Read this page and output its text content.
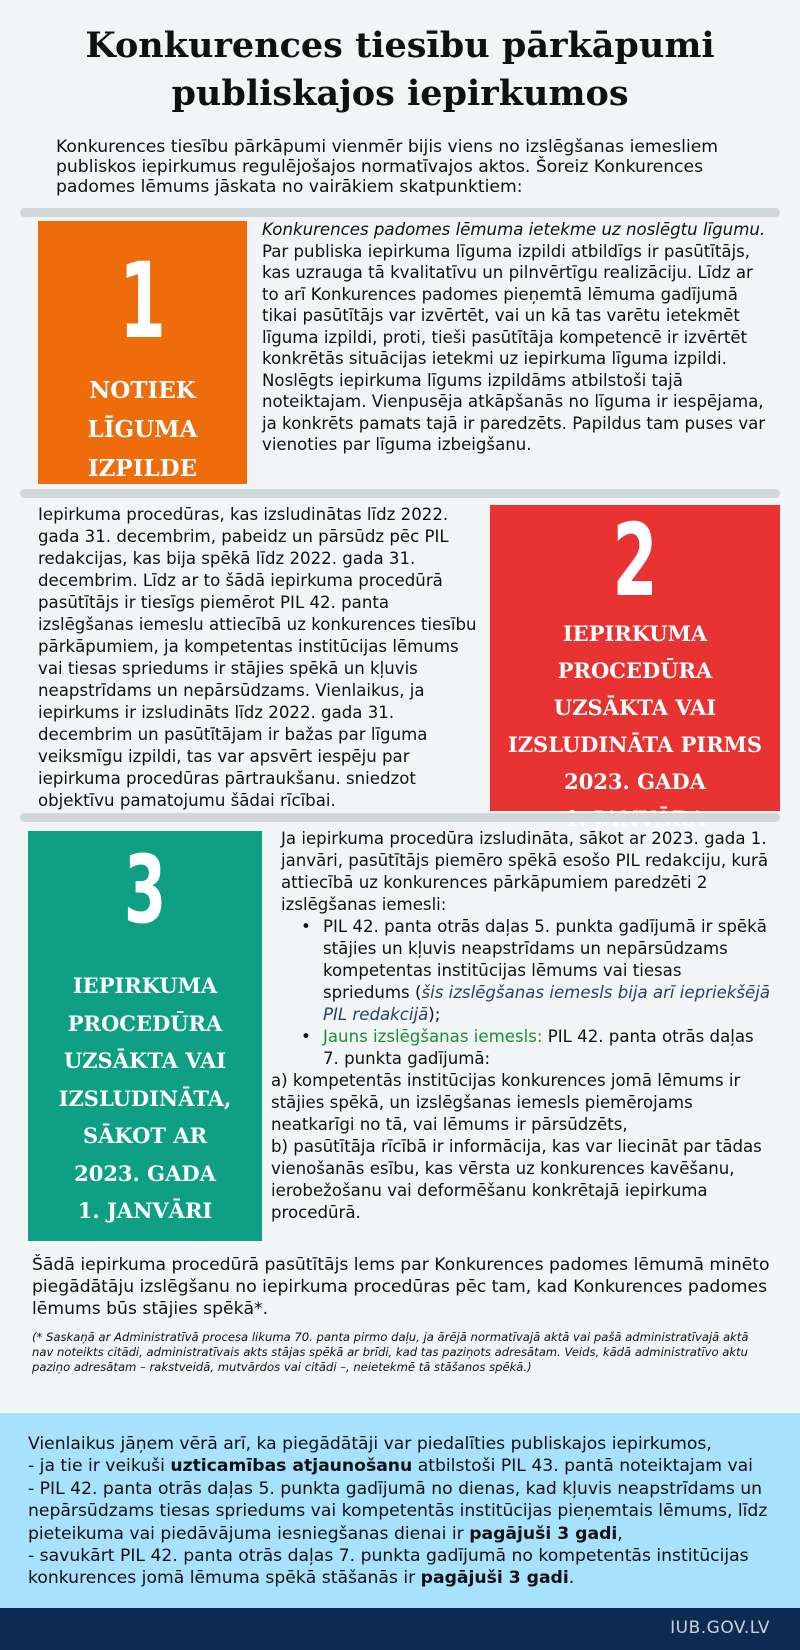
Konkurences tiesību pārkāpumi
publiskajos iepirkumos
Konkurences tiesību pārkāpumi vienmēr bijis viens no izslēgšanas iemesliem publiskos iepirkumus regulējošajos normatīvajos aktos. Šoreiz Konkurences padomes lēmums jāskata no vairākiem skatpunktiem:
1
NOTIEK
LĪGUMA
IZPILDE
Konkurences padomes lēmuma ietekme uz noslēgtu līgumu. Par publiska iepirkuma līguma izpildi atbildīgs ir pasūtītājs, kas uzrauga tā kvalitatīvu un pilnvērtīgu realizāciju. Līdz ar to arī Konkurences padomes pieņemtā lēmuma gadījumā tikai pasūtītājs var izvērtēt, vai un kā tas varētu ietekmēt līguma izpildi, proti, tieši pasūtītāja kompetencē ir izvērtēt konkrētās situācijas ietekmi uz iepirkuma līguma izpildi. Noslēgts iepirkuma līgums izpildāms atbilstoši tajā noteiktajam. Vienpusēja atkāpšanās no līguma ir iespējama, ja konkrēts pamats tajā ir paredzēts. Papildus tam puses var vienoties par līguma izbeigšanu.
Iepirkuma procedūras, kas izsludinātas līdz 2022. gada 31. decembrim, pabeidz un pārsūdz pēc PIL redakcijas, kas bija spēkā līdz 2022. gada 31. decembrim. Līdz ar to šādā iepirkuma procedūrā pasūtītājs ir tiesīgs piemērot PIL 42. panta izslēgšanas iemeslu attiecībā uz konkurences tiesību pārkāpumiem, ja kompetentas institūcijas lēmums vai tiesas spriedums ir stājies spēkā un kļuvis neapstrīdams un nepārsūdzams. Vienlaikus, ja iepirkums ir izsludināts līdz 2022. gada 31. decembrim un pasūtītājam ir bažas par līguma veiksmīgu izpildi, tas var apsvērt iespēju par iepirkuma procedūras pārtraukšanu. sniedzot objektīvu pamatojumu šādai rīcībai.
2
IEPIRKUMA
PROCEDŪRA
UZSĀKTA VAI
IZSLUDINĀTA PIRMS
2023. GADA
3
IEPIRKUMA
PROCEDŪRA
UZSĀKTA VAI
IZSLUDINĀTA,
SĀKOT AR
2023. GADA
1. JANVĀRI
Ja iepirkuma procedūra izsludināta, sākot ar 2023. gada 1. janvāri, pasūtītājs piemēro spēkā esošo PIL redakciju, kurā attiecībā uz konkurences pārkāpumiem paredzēti 2 izslēgšanas iemesli:
• PIL 42. panta otrās daļas 5. punkta gadījumā ir spēkā stājies un kļuvis neapstrīdams un nepārsūdzams kompetentas institūcijas lēmums vai tiesas spriedums (šis izslēgšanas iemesls bija arī iepriekšējā PIL redakcijā);
• Jauns izslēgšanas iemesls: PIL 42. panta otrās daļas 7. punkta gadījumā:
a) kompetentās institūcijas konkurences jomā lēmums ir stājies spēkā, un izslēgšanas iemesls piemērojams neatkarīgi no tā, vai lēmums ir pārsūdzēts,
b) pasūtītāja rīcībā ir informācija, kas var liecināt par tādas vienošanās esību, kas vērsta uz konkurences kavēšanu, ierobežošanu vai deformēšanu konkrētajā iepirkuma procedūrā.
Šādā iepirkuma procedūrā pasūtītājs lems par Konkurences padomes lēmumā minēto piegādātāju izslēgšanu no iepirkuma procedūras pēc tam, kad Konkurences padomes lēmums būs stājies spēkā*.
(* Saskaņā ar Administratīvā procesa likuma 70. panta pirmo daļu, ja ārējā normatīvajā aktā vai pašā administratīvajā aktā nav noteikts citādi, administratīvais akts stājas spēkā ar brīdi, kad tas paziņots adresātam. Veids, kādā administratīvo aktu paziņo adresātam – rakstveidā, mutvārdos vai citādi –, neietekmē tā stāšanos spēkā.)
Vienlaikus jāņem vērā arī, ka piegādātāji var piedalīties publiskajos iepirkumos,
- ja tie ir veikuši uzticamības atjaunošanu atbilstoši PIL 43. pantā noteiktajam vai
- PIL 42. panta otrās daļas 5. punkta gadījumā no dienas, kad kļuvis neapstrīdams un nepārsūdzams tiesas spriedums vai kompetentās institūcijas pieņemtais lēmums, līdz pieteikuma vai piedāvājuma iesniegšanas dienai ir pagājuši 3 gadi,
- savukārt PIL 42. panta otrās daļas 7. punkta gadījumā no kompetentās institūcijas konkurences jomā lēmuma spēkā stāšanās ir pagājuši 3 gadi.
IUB.GOV.LV
